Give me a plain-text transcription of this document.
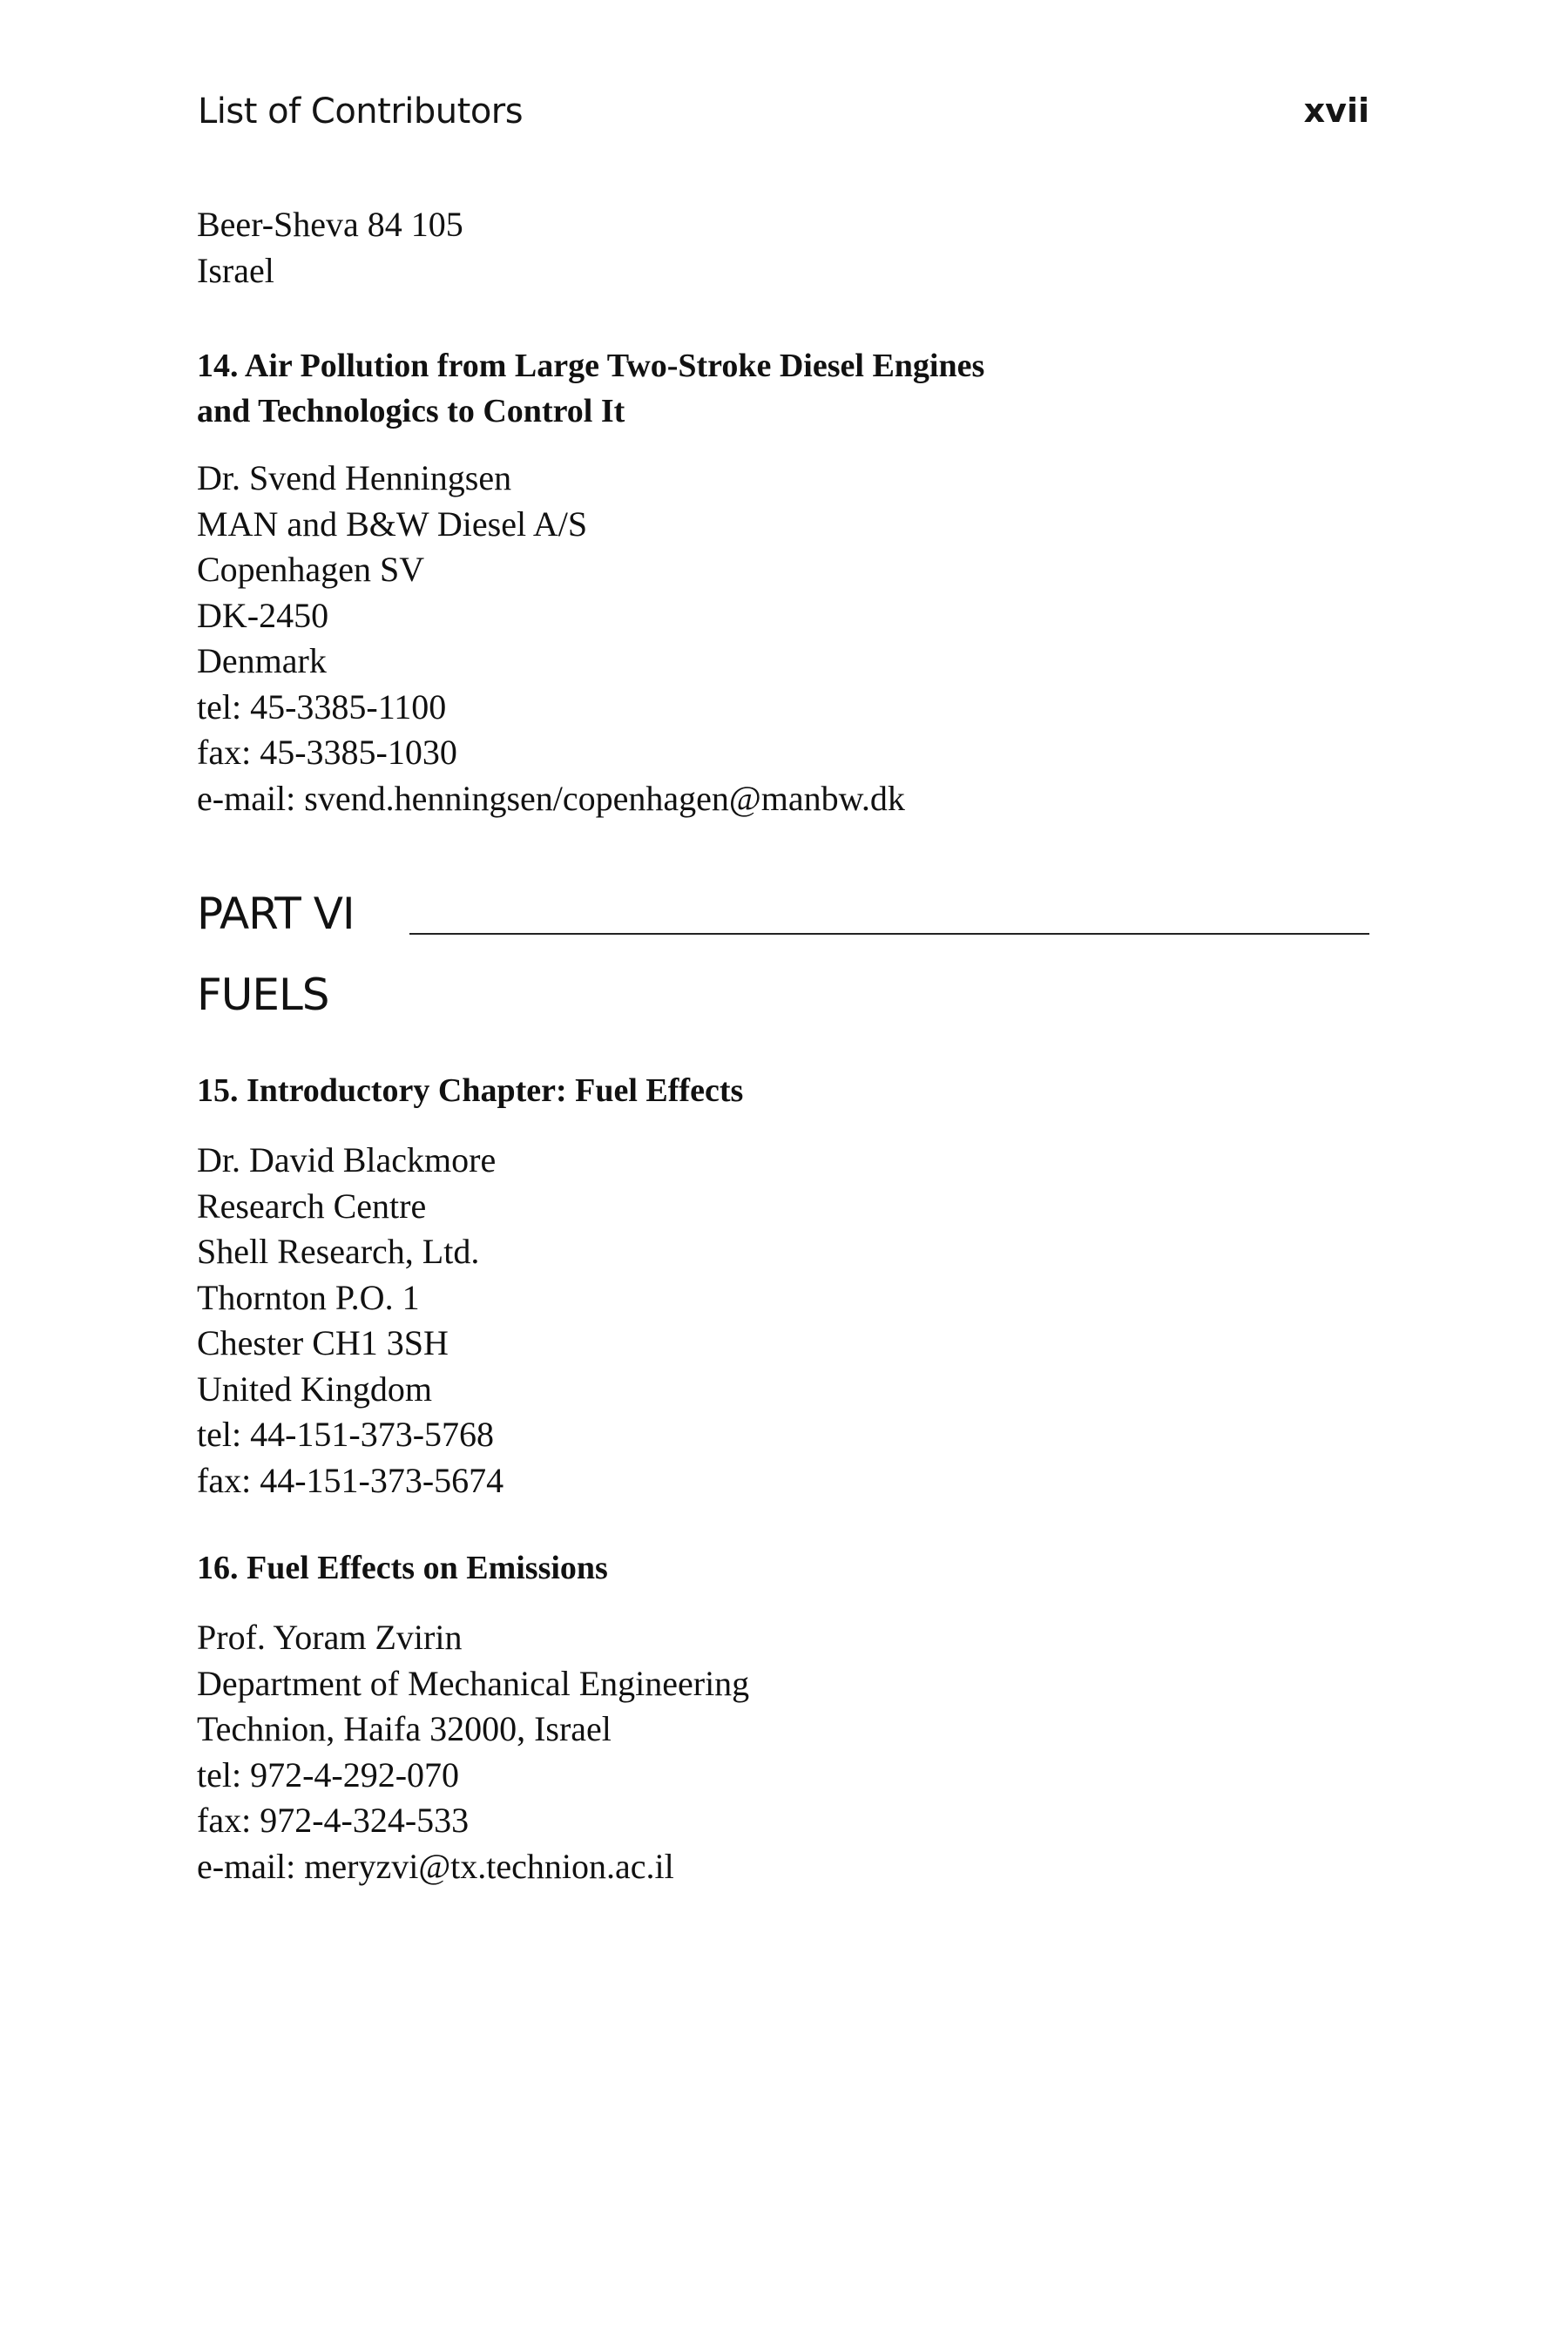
List of Contributors	xvii
Beer-Sheva 84 105
Israel
14. Air Pollution from Large Two-Stroke Diesel Engines
and Technologics to Control It
Dr. Svend Henningsen
MAN and B&W Diesel A/S
Copenhagen SV
DK-2450
Denmark
tel: 45-3385-1100
fax: 45-3385-1030
e-mail: svend.henningsen/copenhagen@manbw.dk
PART VI
FUELS
15. Introductory Chapter: Fuel Effects
Dr. David Blackmore
Research Centre
Shell Research, Ltd.
Thornton P.O. 1
Chester CH1 3SH
United Kingdom
tel: 44-151-373-5768
fax: 44-151-373-5674
16. Fuel Effects on Emissions
Prof. Yoram Zvirin
Department of Mechanical Engineering
Technion, Haifa 32000, Israel
tel: 972-4-292-070
fax: 972-4-324-533
e-mail: meryzvi@tx.technion.ac.il
